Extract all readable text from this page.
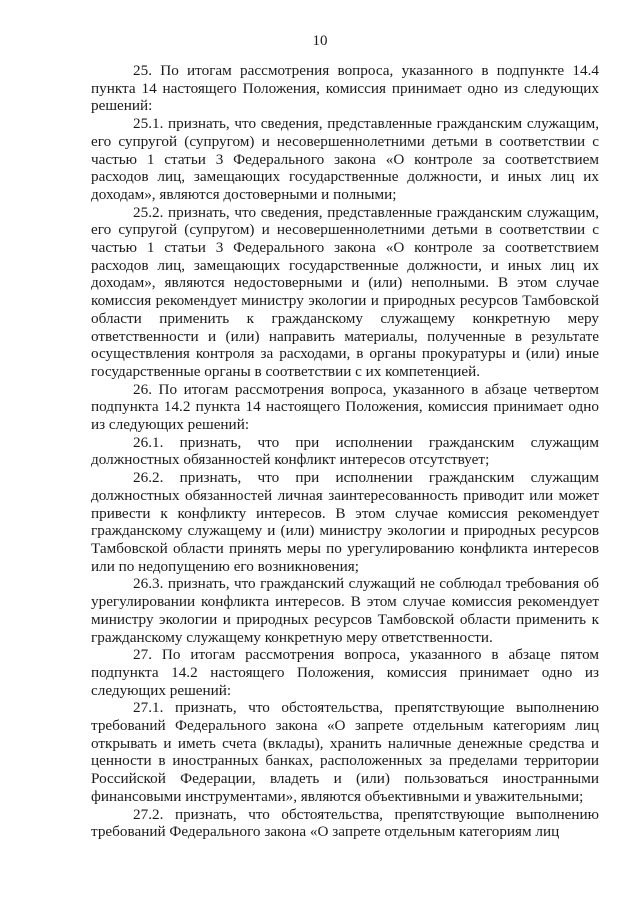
10

25. По итогам рассмотрения вопроса, указанного в подпункте 14.4 пункта 14 настоящего Положения, комиссия принимает одно из следующих решений:

25.1. признать, что сведения, представленные гражданским служащим, его супругой (супругом) и несовершеннолетними детьми в соответствии с частью 1 статьи 3 Федерального закона «О контроле за соответствием расходов лиц, замещающих государственные должности, и иных лиц их доходам», являются достоверными и полными;

25.2. признать, что сведения, представленные гражданским служащим, его супругой (супругом) и несовершеннолетними детьми в соответствии с частью 1 статьи 3 Федерального закона «О контроле за соответствием расходов лиц, замещающих государственные должности, и иных лиц их доходам», являются недостоверными и (или) неполными. В этом случае комиссия рекомендует министру экологии и природных ресурсов Тамбовской области применить к гражданскому служащему конкретную меру ответственности и (или) направить материалы, полученные в результате осуществления контроля за расходами, в органы прокуратуры и (или) иные государственные органы в соответствии с их компетенцией.

26. По итогам рассмотрения вопроса, указанного в абзаце четвертом подпункта 14.2 пункта 14 настоящего Положения, комиссия принимает одно из следующих решений:

26.1. признать, что при исполнении гражданским служащим должностных обязанностей конфликт интересов отсутствует;

26.2. признать, что при исполнении гражданским служащим должностных обязанностей личная заинтересованность приводит или может привести к конфликту интересов. В этом случае комиссия рекомендует гражданскому служащему и (или) министру экологии и природных ресурсов Тамбовской области принять меры по урегулированию конфликта интересов или по недопущению его возникновения;

26.3. признать, что гражданский служащий не соблюдал требования об урегулировании конфликта интересов. В этом случае комиссия рекомендует министру экологии и природных ресурсов Тамбовской области применить к гражданскому служащему конкретную меру ответственности.

27. По итогам рассмотрения вопроса, указанного в абзаце пятом подпункта 14.2 настоящего Положения, комиссия принимает одно из следующих решений:

27.1. признать, что обстоятельства, препятствующие выполнению требований Федерального закона «О запрете отдельным категориям лиц открывать и иметь счета (вклады), хранить наличные денежные средства и ценности в иностранных банках, расположенных за пределами территории Российской Федерации, владеть и (или) пользоваться иностранными финансовыми инструментами», являются объективными и уважительными;

27.2. признать, что обстоятельства, препятствующие выполнению требований Федерального закона «О запрете отдельным категориям лиц
